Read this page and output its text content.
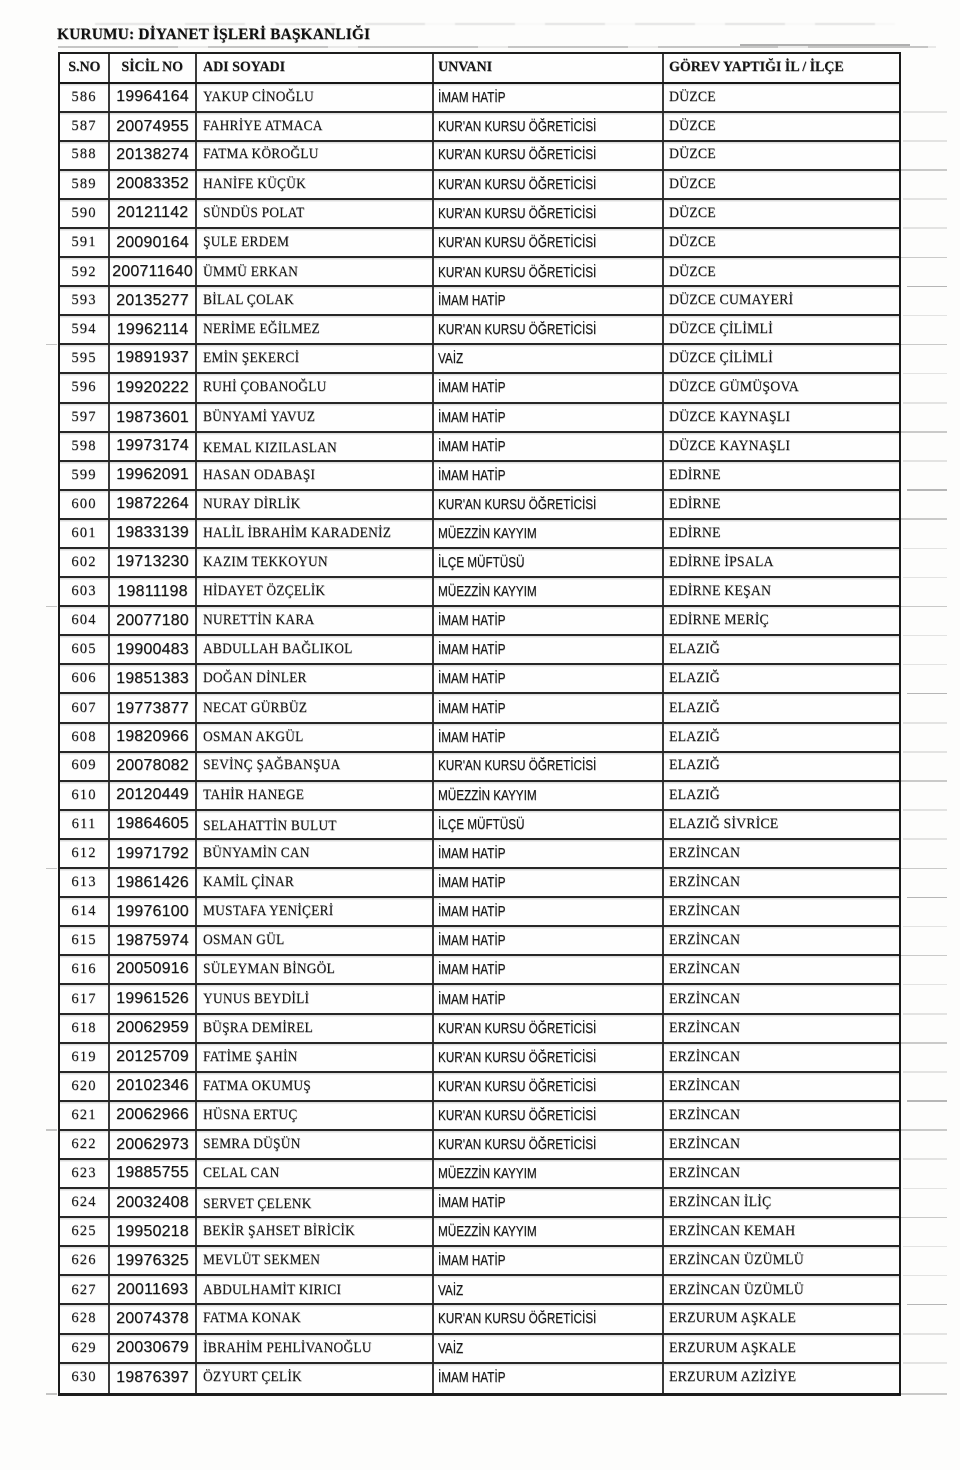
KURUMU: DİYANET İŞLERİ BAŞKANLIĞI
S.NO SİCİL NO ADI SOYADI	UNVANI	GÖREV YAPTIĞI İL / İLÇE
586 19964164 YAKUP CİNOĞLU	İMAM HATİP	DÜZCE
587 20074955 FAHRİYE ATMACA	KUR'AN KURSU ÖĞRETİCİSİ	DÜZCE
588 20138274 FATMA KÖROĞLU	KUR'AN KURSU ÖĞRETİCİSİ	DÜZCE
589 20083352 HANİFE KÜÇÜK	KUR'AN KURSU ÖĞRETİCİSİ	DÜZCE
590 20121142 SÜNDÜS POLAT	KUR'AN KURSU ÖĞRETİCİSİ	DÜZCE
591 20090164 ŞULE ERDEM	KUR'AN KURSU ÖĞRETİCİSİ	DÜZCE
592 200711640 ÜMMÜ ERKAN	KUR'AN KURSU ÖĞRETİCİSİ	DÜZCE
593 20135277 BİLAL ÇOLAK	İMAM HATİP	DÜZCE CUMAYERİ
594 19962114 NERİME EĞİLMEZ	KUR'AN KURSU ÖĞRETİCİSİ	DÜZCE ÇİLİMLİ
595 19891937 EMİN ŞEKERCİ	VAİZ	DÜZCE ÇİLİMLİ
596 19920222 RUHİ ÇOBANOĞLU	İMAM HATİP	DÜZCE GÜMÜŞOVA
597 19873601 BÜNYAMİ YAVUZ	İMAM HATİP	DÜZCE KAYNAŞLI
598 19973174 KEMAL KIZILASLAN	İMAM HATİP	DÜZCE KAYNAŞLI
599 19962091 HASAN ODABAŞI	İMAM HATİP	EDİRNE
600 19872264 NURAY DİRLİK	KUR'AN KURSU ÖĞRETİCİSİ	EDİRNE
601 19833139 HALİL İBRAHİM KARADENİZ	MÜEZZİN KAYYIM	EDİRNE
602 19713230 KAZIM TEKKOYUN	İLÇE MÜFTÜSÜ	EDİRNE İPSALA
603 19811198 HİDAYET ÖZÇELİK	MÜEZZİN KAYYIM	EDİRNE KEŞAN
604 20077180 NURETTİN KARA	İMAM HATİP	EDİRNE MERİÇ
605 19900483 ABDULLAH BAĞLIKOL	İMAM HATİP	ELAZIĞ
606 19851383 DOĞAN DİNLER	İMAM HATİP	ELAZIĞ
607 19773877 NECAT GÜRBÜZ	İMAM HATİP	ELAZIĞ
608 19820966 OSMAN AKGÜL	İMAM HATİP	ELAZIĞ
609 20078082 SEVİNÇ ŞAĞBANŞUA	KUR'AN KURSU ÖĞRETİCİSİ	ELAZIĞ
610 20120449 TAHİR HANEGE	MÜEZZİN KAYYIM	ELAZIĞ
611 19864605 SELAHATTİN BULUT	İLÇE MÜFTÜSÜ	ELAZIĞ SİVRİCE
612 19971792 BÜNYAMİN CAN	İMAM HATİP	ERZİNCAN
613 19861426 KAMİL ÇİNAR	İMAM HATİP	ERZİNCAN
614 19976100 MUSTAFA YENİÇERİ	İMAM HATİP	ERZİNCAN
615 19875974 OSMAN GÜL	İMAM HATİP	ERZİNCAN
616 20050916 SÜLEYMAN BİNGÖL	İMAM HATİP	ERZİNCAN
617 19961526 YUNUS BEYDİLİ	İMAM HATİP	ERZİNCAN
618 20062959 BÜŞRA DEMİREL	KUR'AN KURSU ÖĞRETİCİSİ	ERZİNCAN
619 20125709 FATİME ŞAHİN	KUR'AN KURSU ÖĞRETİCİSİ	ERZİNCAN
620 20102346 FATMA OKUMUŞ	KUR'AN KURSU ÖĞRETİCİSİ	ERZİNCAN
621 20062966 HÜSNA ERTUÇ	KUR'AN KURSU ÖĞRETİCİSİ	ERZİNCAN
622 20062973 SEMRA DÜŞÜN	KUR'AN KURSU ÖĞRETİCİSİ	ERZİNCAN
623 19885755 CELAL CAN	MÜEZZİN KAYYIM	ERZİNCAN
624 20032408 SERVET ÇELENK	İMAM HATİP	ERZİNCAN İLİÇ
625 19950218 BEKİR ŞAHSET BİRİCİK	MÜEZZİN KAYYIM	ERZİNCAN KEMAH
626 19976325 MEVLÜT SEKMEN	İMAM HATİP	ERZİNCAN ÜZÜMLÜ
627 20011693 ABDULHAMİT KIRICI	VAİZ	ERZİNCAN ÜZÜMLÜ
628 20074378 FATMA KONAK	KUR'AN KURSU ÖĞRETİCİSİ	ERZURUM AŞKALE
629 20030679 İBRAHİM PEHLİVANOĞLU	VAİZ	ERZURUM AŞKALE
630 19876397 ÖZYURT ÇELİK	İMAM HATİP	ERZURUM AZİZİYE
